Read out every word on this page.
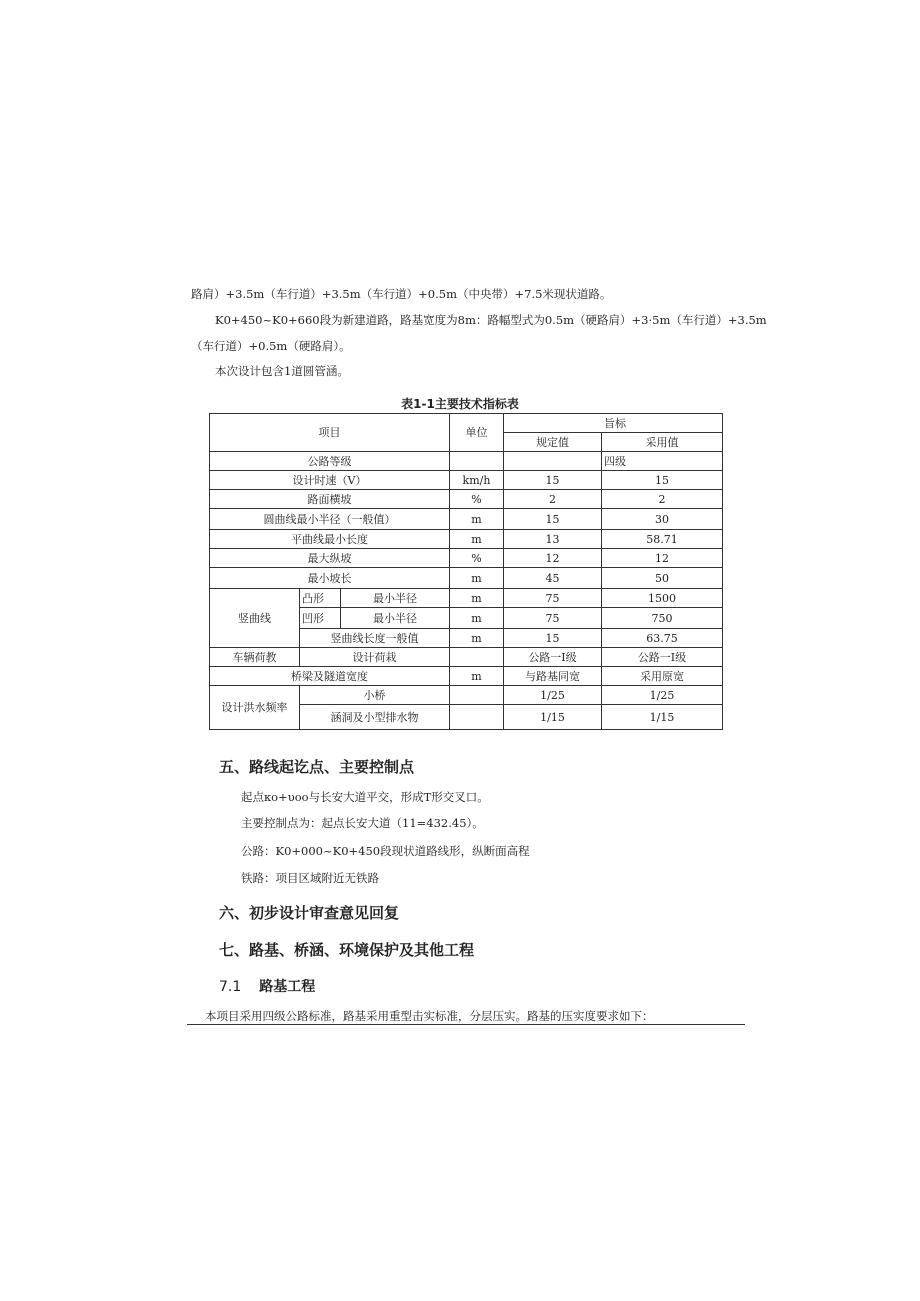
路肩）+3.5m（车行道）+3.5m（车行道）+0.5m（中央带）+7.5米现状道路。
K0+450~K0+660段为新建道路，路基宽度为8m：路幅型式为0.5m（硬路肩）+3·5m（车行道）+3.5m
（车行道）+0.5m（硬路肩）。
本次设计包含1道圆管涵。
表1-1主要技术指标表
项目			单位	旨标	
				规定值	采用值
公路等级					四级
设计时速（V）			km/h	15	15
路面横坡			%	2	2
圆曲线最小半径（一般值）			m	15	30
平曲线最小长度			m	13	58.71
最大纵坡			%	12	12
最小坡长			m	45	50
竖曲线	凸形	最小半径	m	75	1500
	凹形	最小半径	m	75	750
	竖曲线长度一般值		m	15	63.75
车辆荷教	设计荷栽			公路一I级	公路一I级
桥梁及隧道宽度			m	与路基同宽	采用原宽
设计洪水频率	小桥			1/25	1/25
	涵洞及小型排水物			1/15	1/15
五、路线起讫点、主要控制点
起点κo+υoo与长安大道平交，形成T形交叉口。
主要控制点为：起点长安大道（11=432.45）。
公路：K0+000~K0+450段现状道路线形，纵断面高程
铁路：项目区域附近无铁路
六、初步设计审查意见回复
七、路基、桥涵、环境保护及其他工程
7.1 路基工程
本项目采用四级公路标准，路基采用重型击实标准，分层压实。路基的压实度要求如下：
